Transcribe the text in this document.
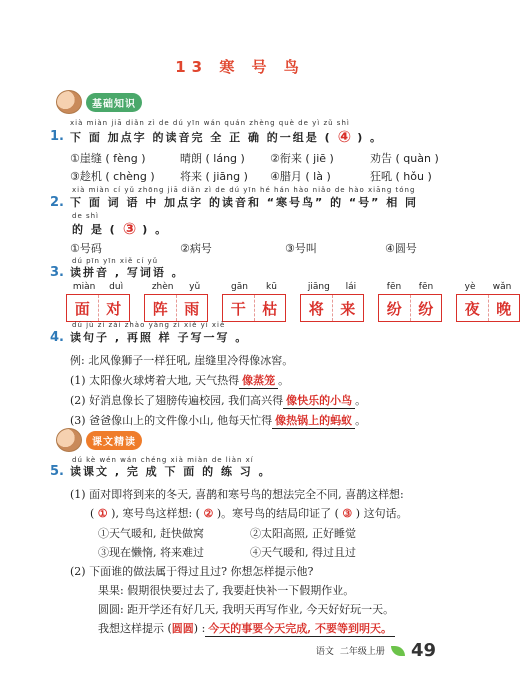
13 寒 号 鸟
基础知识
xià miàn jiā diǎn zì de dú yīn wán quán zhèng què de yì zǔ shì
1. 下 面 加点字 的读音完 全 正 确 的一组是 ( ④ ) 。
①崖缝 ( fèng )	晴朗 ( láng ) ②衔来 ( jiē )	劝告 ( quàn )
③趁机 ( chèng ) 将来 ( jiāng ) ④腊月 ( là )	狂吼 ( hǒu )
xià miàn cí yǔ zhōng jiā diǎn zì de dú yīn hé hán hào niǎo de hào xiāng tóng
2. 下 面 词 语 中 加点字 的读音和 “寒号鸟” 的 “号” 相 同
de shì
的 是 ( ③ ) 。
①号码	②病号	③号叫	④圆号
dú pīn yīn xiě cí yǔ
3. 读拼音 , 写词语 。
miàn duì	zhèn yǔ	gān kū	jiāng lái	fēn fēn	yè wǎn
面	对	阵	雨	干	枯	将	来	纷	纷	夜	晚
dú jù zi zài zhào yàng zi xiě yi xiě
4. 读句子 , 再照 样 子写一写 。
例: 北风像狮子一样狂吼, 崖缝里冷得像冰窖。
(1) 太阳像火球烤着大地, 天气热得 像蒸笼 。
(2) 好消息像长了翅膀传遍校园, 我们高兴得 像快乐的小鸟 。
(3) 爸爸像山上的文件像小山, 他每天忙得 像热锅上的蚂蚁 。
课文精读
dú kè wén wán chéng xià miàn de liàn xí
5. 读课文 , 完 成 下 面 的 练 习 。
(1) 面对即将到来的冬天, 喜鹊和寒号鸟的想法完全不同, 喜鹊这样想:
( ① ), 寒号鸟这样想: ( ② )。寒号鸟的结局印证了 ( ③ ) 这句话。
①天气暖和, 赶快做窝	②太阳高照, 正好睡觉
③现在懒惰, 将来难过	④天气暖和, 得过且过
(2) 下面谁的做法属于得过且过? 你想怎样提示他?
果果: 假期很快要过去了, 我要赶快补一下假期作业。
圆圆: 距开学还有好几天, 我明天再写作业, 今天好好玩一天。
我想这样提示 (圆圆) : 今天的事要今天完成, 不要等到明天。
语文 二年级上册 49
